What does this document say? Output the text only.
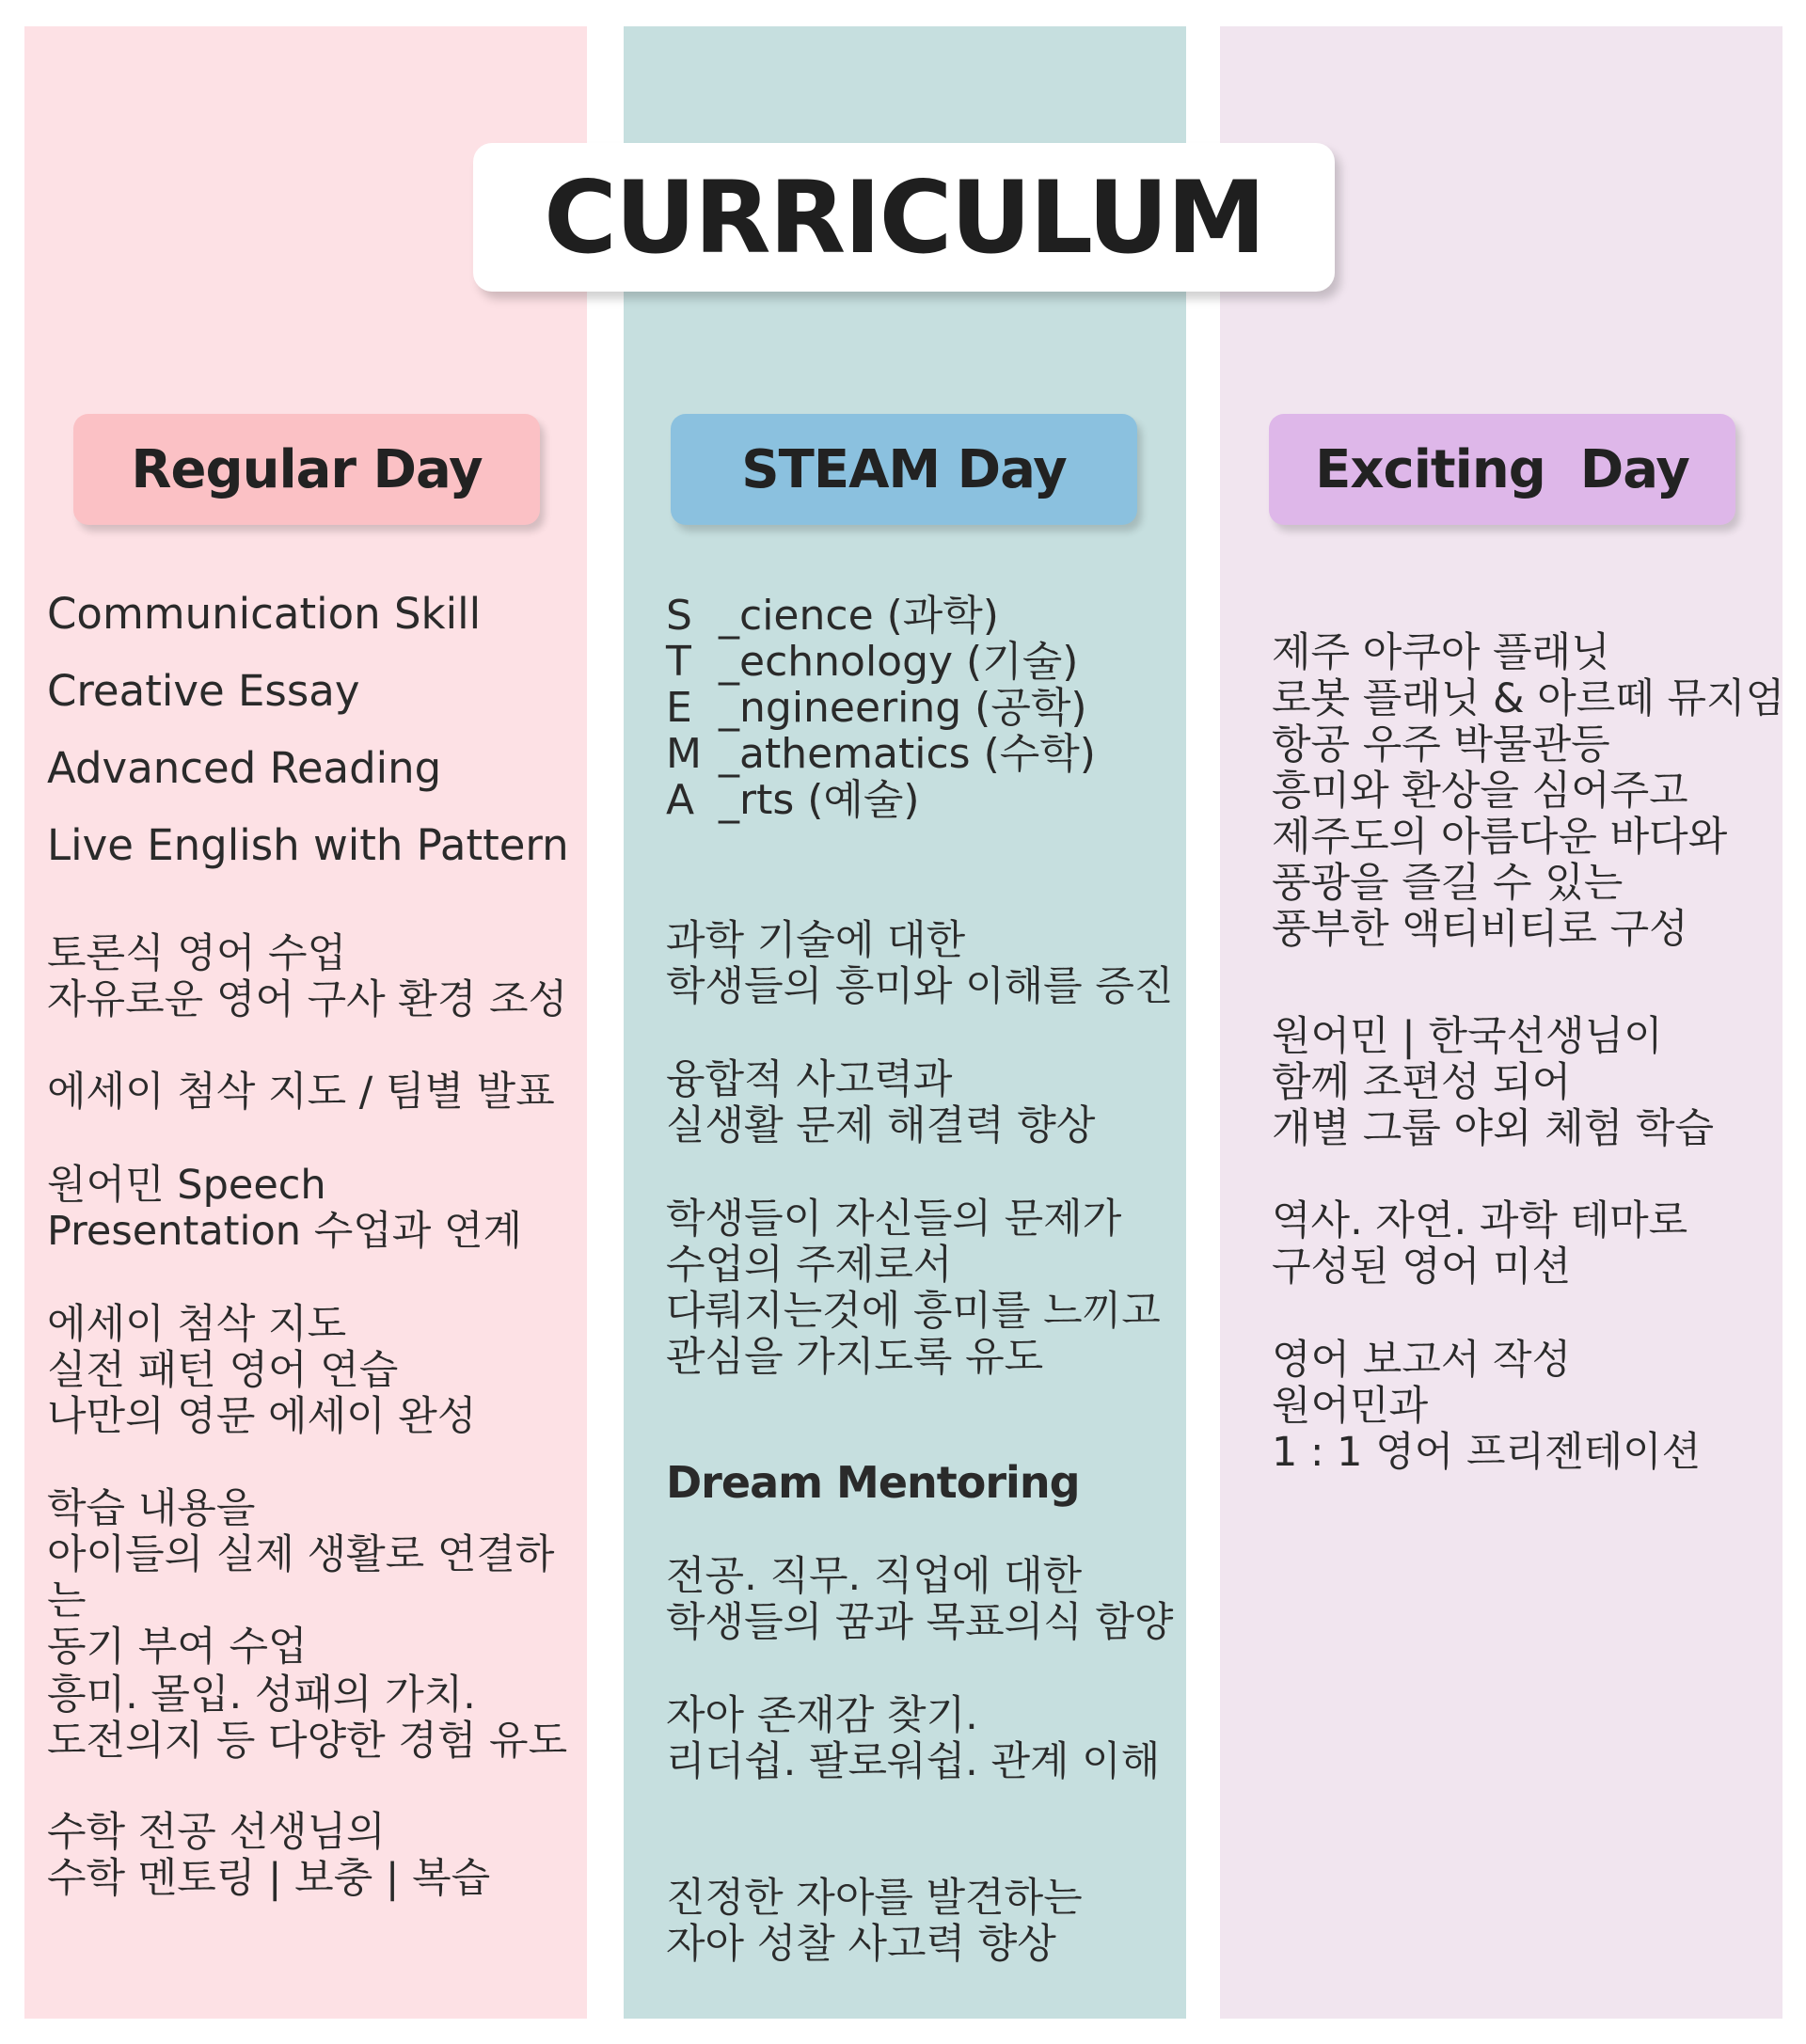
CURRICULUM
Regular Day	STEAM Day	Exciting  Day

Communication Skill

Creative Essay

Advanced Reading

Live English with Pattern

토론식 영어 수업
자유로운 영어 구사 환경 조성

에세이 첨삭 지도 / 팀별 발표

원어민 Speech
Presentation 수업과 연계

에세이 첨삭 지도
실전 패턴 영어 연습
나만의 영문 에세이 완성

학습 내용을
아이들의 실제 생활로 연결하는
동기 부여 수업

흥미. 몰입. 성패의 가치.
도전의지 등 다양한 경험 유도

수학 전공 선생님의
수학 멘토링 | 보충 | 복습

S _cience (과학)
T _echnology (기술)
E _ngineering (공학)
M _athematics (수학)
A _rts (예술)

과학 기술에 대한
학생들의 흥미와 이해를 증진

융합적 사고력과
실생활 문제 해결력 향상

학생들이 자신들의 문제가
수업의 주제로서
다뤄지는것에 흥미를 느끼고
관심을 가지도록 유도

Dream Mentoring

전공. 직무. 직업에 대한
학생들의 꿈과 목표의식 함양

자아 존재감 찾기.
리더쉽. 팔로워쉽. 관계 이해

진정한 자아를 발견하는
자아 성찰 사고력 향상

제주 아쿠아 플래닛
로봇 플래닛 & 아르떼 뮤지엄
항공 우주 박물관등
흥미와 환상을 심어주고
제주도의 아름다운 바다와
풍광을 즐길 수 있는
풍부한 액티비티로 구성

원어민 | 한국선생님이
함께 조편성 되어
개별 그룹 야외 체험 학습

역사. 자연. 과학 테마로
구성된 영어 미션

영어 보고서 작성
원어민과
1 : 1 영어 프리젠테이션
